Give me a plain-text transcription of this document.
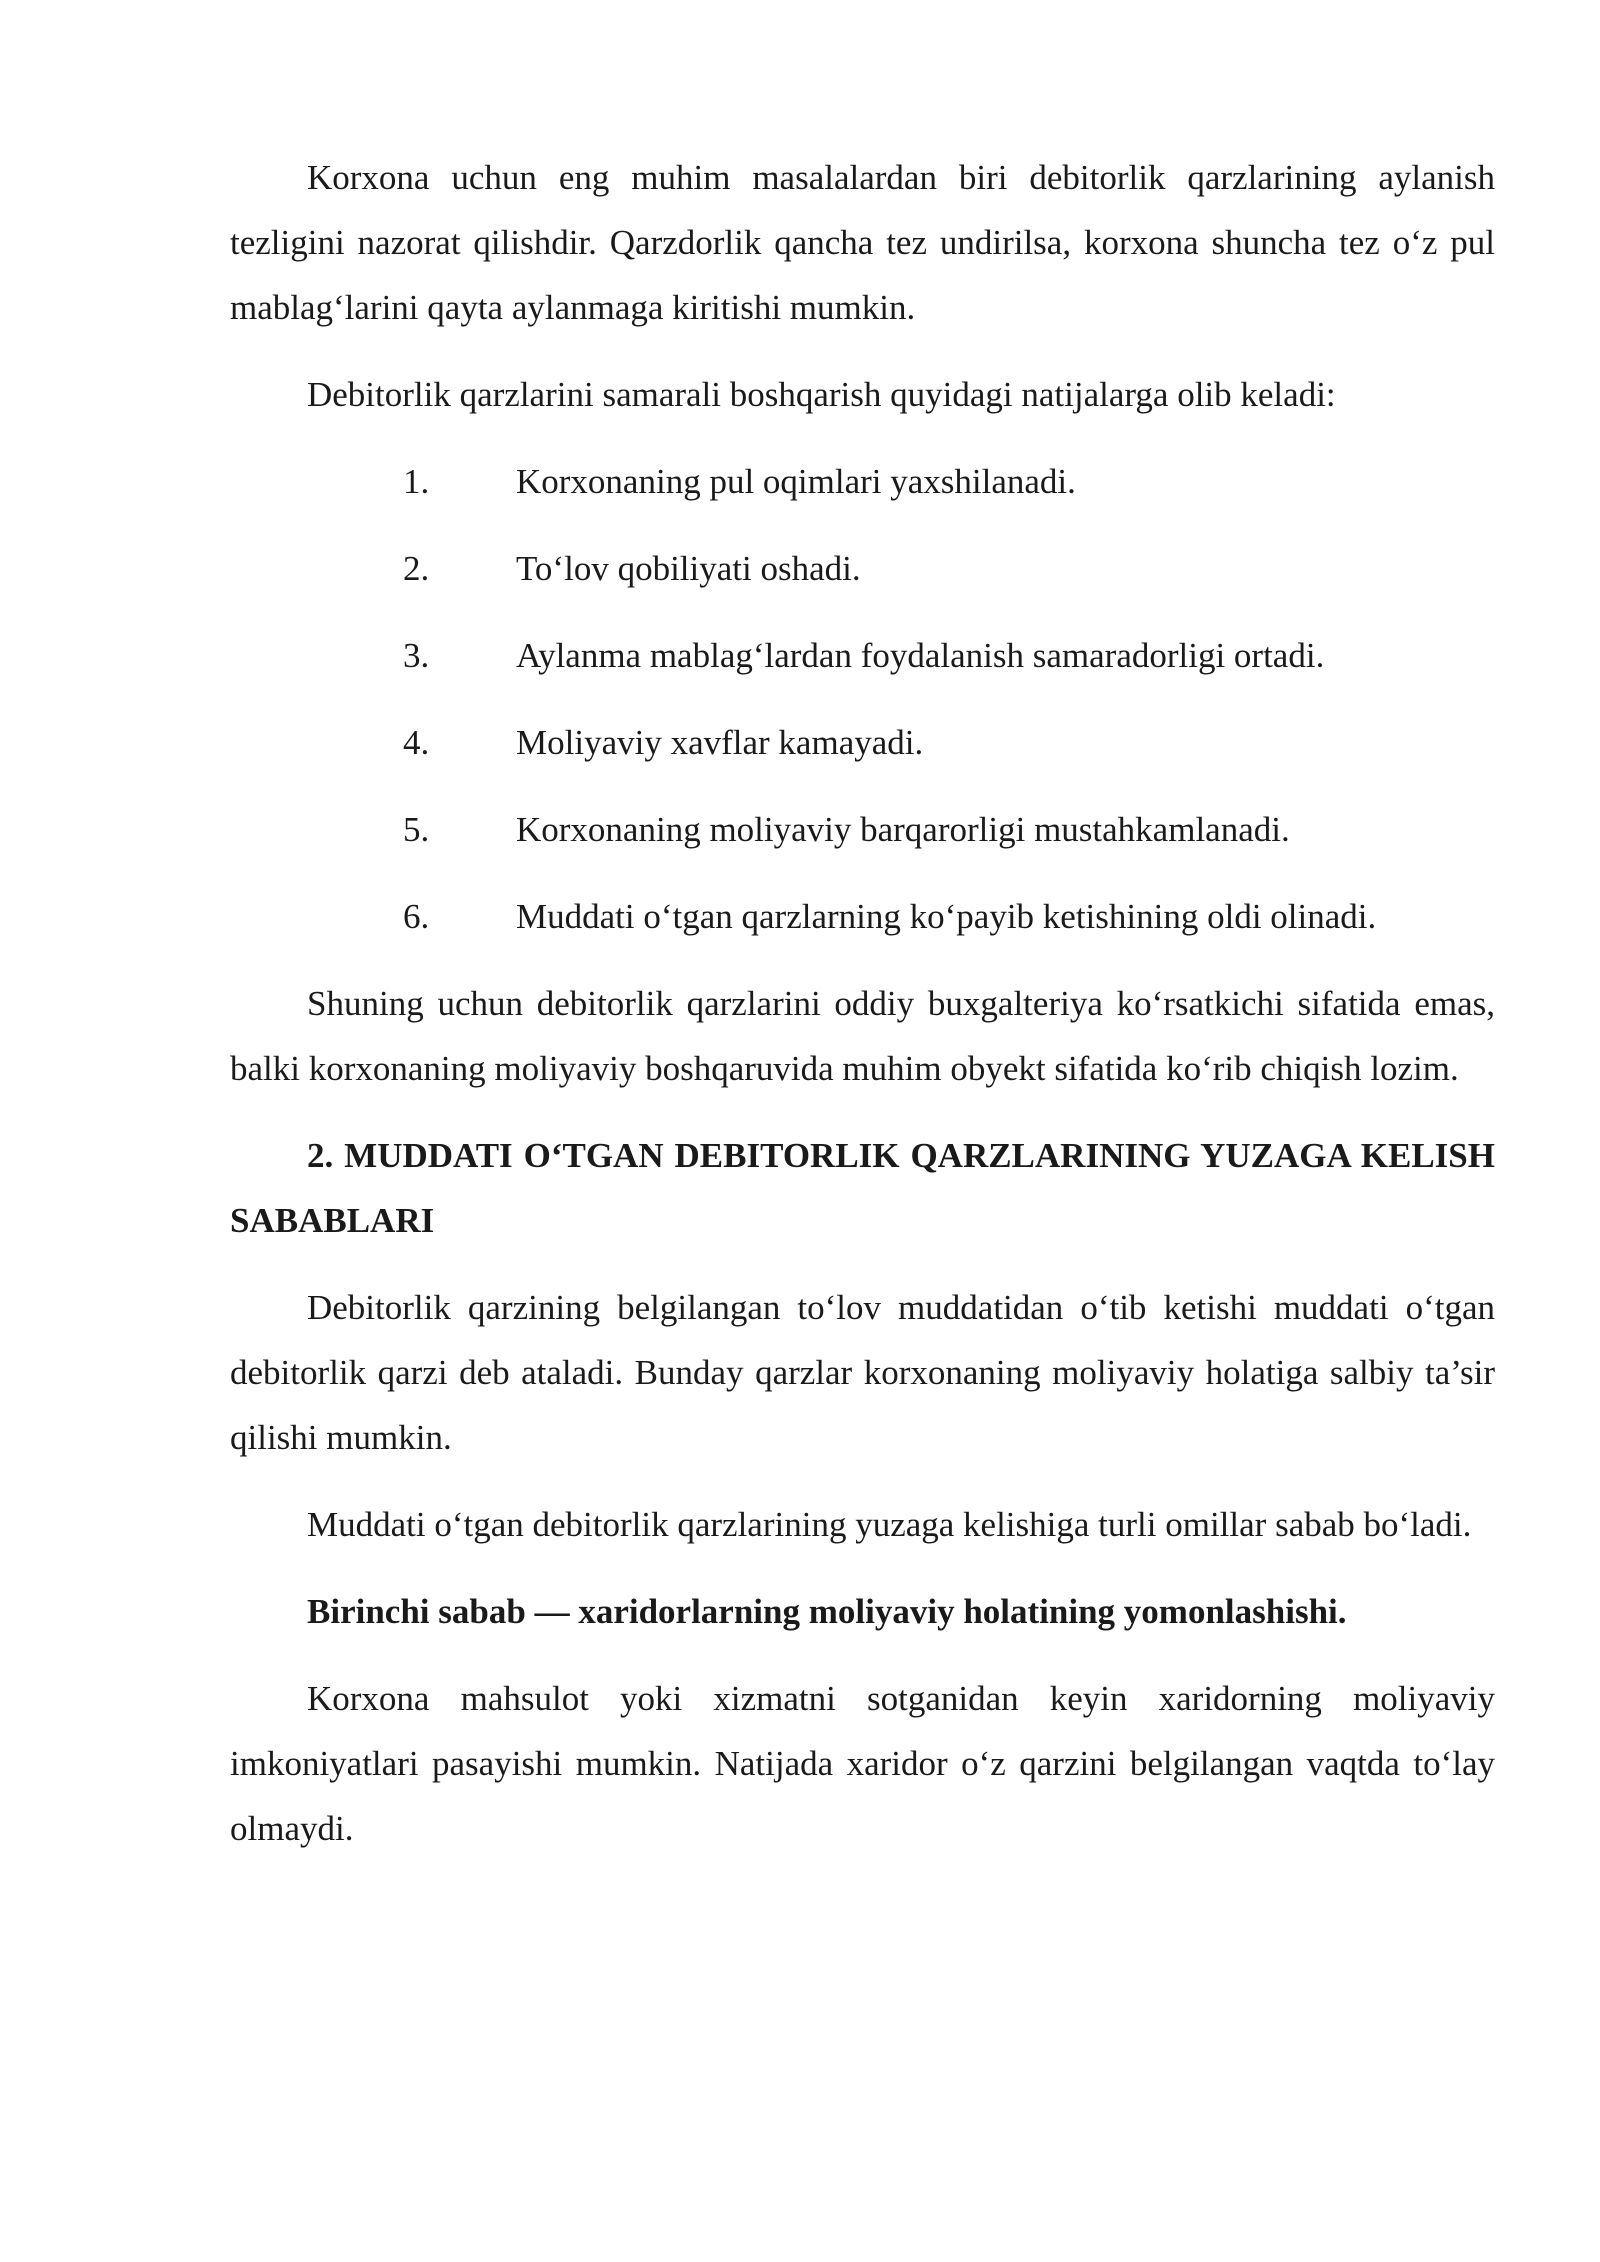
Korxona uchun eng muhim masalalardan biri debitorlik qarzlarining aylanish tezligini nazorat qilishdir. Qarzdorlik qancha tez undirilsa, korxona shuncha tez o‘z pul mablag‘larini qayta aylanmaga kiritishi mumkin.

Debitorlik qarzlarini samarali boshqarish quyidagi natijalarga olib keladi:

1.	Korxonaning pul oqimlari yaxshilanadi.
2.	To‘lov qobiliyati oshadi.
3.	Aylanma mablag‘lardan foydalanish samaradorligi ortadi.
4.	Moliyaviy xavflar kamayadi.
5.	Korxonaning moliyaviy barqarorligi mustahkamlanadi.
6.	Muddati o‘tgan qarzlarning ko‘payib ketishining oldi olinadi.

Shuning uchun debitorlik qarzlarini oddiy buxgalteriya ko‘rsatkichi sifatida emas, balki korxonaning moliyaviy boshqaruvida muhim obyekt sifatida ko‘rib chiqish lozim.

2. MUDDATI O‘TGAN DEBITORLIK QARZLARINING YUZAGA KELISH SABABLARI

Debitorlik qarzining belgilangan to‘lov muddatidan o‘tib ketishi muddati o‘tgan debitorlik qarzi deb ataladi. Bunday qarzlar korxonaning moliyaviy holatiga salbiy ta’sir qilishi mumkin.

Muddati o‘tgan debitorlik qarzlarining yuzaga kelishiga turli omillar sabab bo‘ladi.

Birinchi sabab — xaridorlarning moliyaviy holatining yomonlashishi.

Korxona mahsulot yoki xizmatni sotganidan keyin xaridorning moliyaviy imkoniyatlari pasayishi mumkin. Natijada xaridor o‘z qarzini belgilangan vaqtda to‘lay olmaydi.
